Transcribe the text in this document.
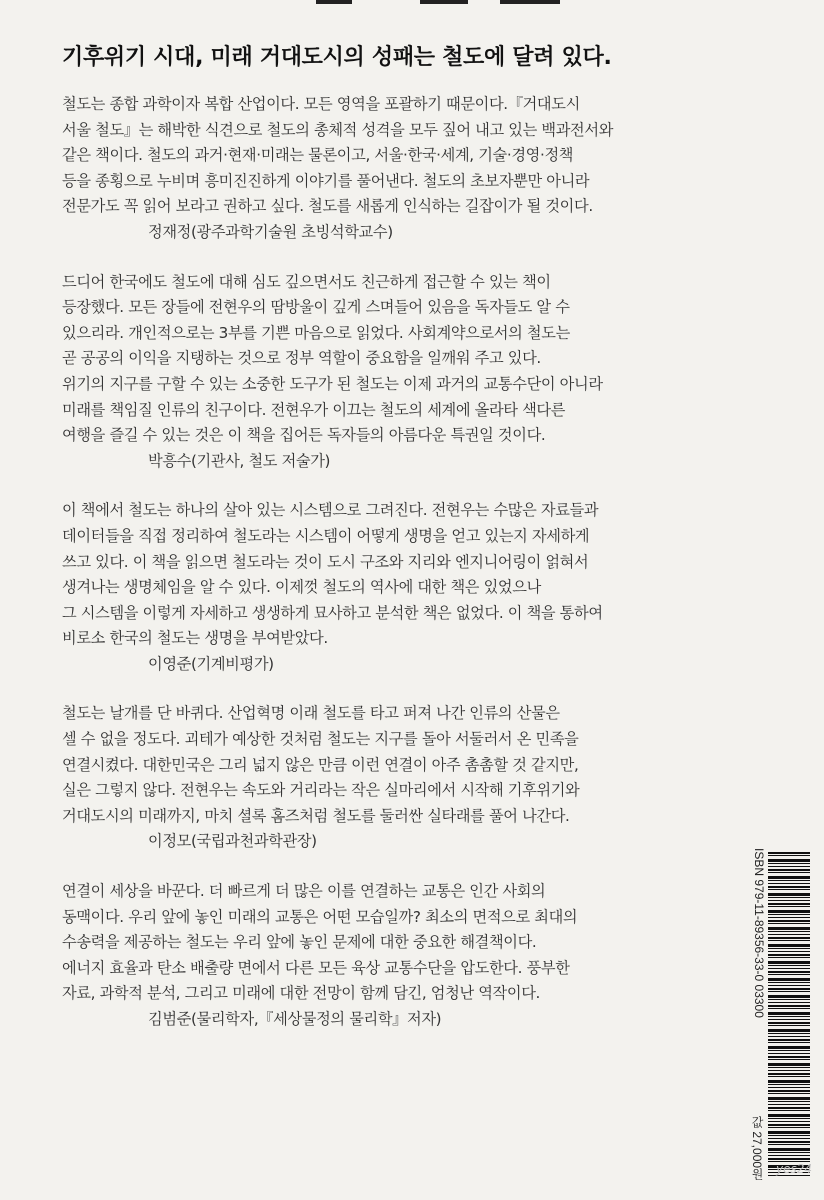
기후위기 시대, 미래 거대도시의 성패는 철도에 달려 있다.
철도는 종합 과학이자 복합 산업이다. 모든 영역을 포괄하기 때문이다.『거대도시
서울 철도』는 해박한 식견으로 철도의 총체적 성격을 모두 짚어 내고 있는 백과전서와
같은 책이다. 철도의 과거·현재·미래는 물론이고, 서울·한국·세계, 기술·경영·정책
등을 종횡으로 누비며 흥미진진하게 이야기를 풀어낸다. 철도의 초보자뿐만 아니라
전문가도 꼭 읽어 보라고 권하고 싶다. 철도를 새롭게 인식하는 길잡이가 될 것이다.
정재정(광주과학기술원 초빙석학교수)
드디어 한국에도 철도에 대해 심도 깊으면서도 친근하게 접근할 수 있는 책이
등장했다. 모든 장들에 전현우의 땀방울이 깊게 스며들어 있음을 독자들도 알 수
있으리라. 개인적으로는 3부를 기쁜 마음으로 읽었다. 사회계약으로서의 철도는
곧 공공의 이익을 지탱하는 것으로 정부 역할이 중요함을 일깨워 주고 있다.
위기의 지구를 구할 수 있는 소중한 도구가 된 철도는 이제 과거의 교통수단이 아니라
미래를 책임질 인류의 친구이다. 전현우가 이끄는 철도의 세계에 올라타 색다른
여행을 즐길 수 있는 것은 이 책을 집어든 독자들의 아름다운 특권일 것이다.
박흥수(기관사, 철도 저술가)
이 책에서 철도는 하나의 살아 있는 시스템으로 그려진다. 전현우는 수많은 자료들과
데이터들을 직접 정리하여 철도라는 시스템이 어떻게 생명을 얻고 있는지 자세하게
쓰고 있다. 이 책을 읽으면 철도라는 것이 도시 구조와 지리와 엔지니어링이 얽혀서
생겨나는 생명체임을 알 수 있다. 이제껏 철도의 역사에 대한 책은 있었으나
그 시스템을 이렇게 자세하고 생생하게 묘사하고 분석한 책은 없었다. 이 책을 통하여
비로소 한국의 철도는 생명을 부여받았다.
이영준(기계비평가)
철도는 날개를 단 바퀴다. 산업혁명 이래 철도를 타고 퍼져 나간 인류의 산물은
셀 수 없을 정도다. 괴테가 예상한 것처럼 철도는 지구를 돌아 서둘러서 온 민족을
연결시켰다. 대한민국은 그리 넓지 않은 만큼 이런 연결이 아주 촘촘할 것 같지만,
실은 그렇지 않다. 전현우는 속도와 거리라는 작은 실마리에서 시작해 기후위기와
거대도시의 미래까지, 마치 셜록 홈즈처럼 철도를 둘러싼 실타래를 풀어 나간다.
이정모(국립과천과학관장)
연결이 세상을 바꾼다. 더 빠르게 더 많은 이를 연결하는 교통은 인간 사회의
동맥이다. 우리 앞에 놓인 미래의 교통은 어떤 모습일까? 최소의 면적으로 최대의
수송력을 제공하는 철도는 우리 앞에 놓인 문제에 대한 중요한 해결책이다.
에너지 효율과 탄소 배출량 면에서 다른 모든 육상 교통수단을 압도한다. 풍부한
자료, 과학적 분석, 그리고 미래에 대한 전망이 함께 담긴, 엄청난 역작이다.
김범준(물리학자,『세상물정의 물리학』저자)
ISBN 979-11-89356-33-0 03300
값 27,000원 yes24
